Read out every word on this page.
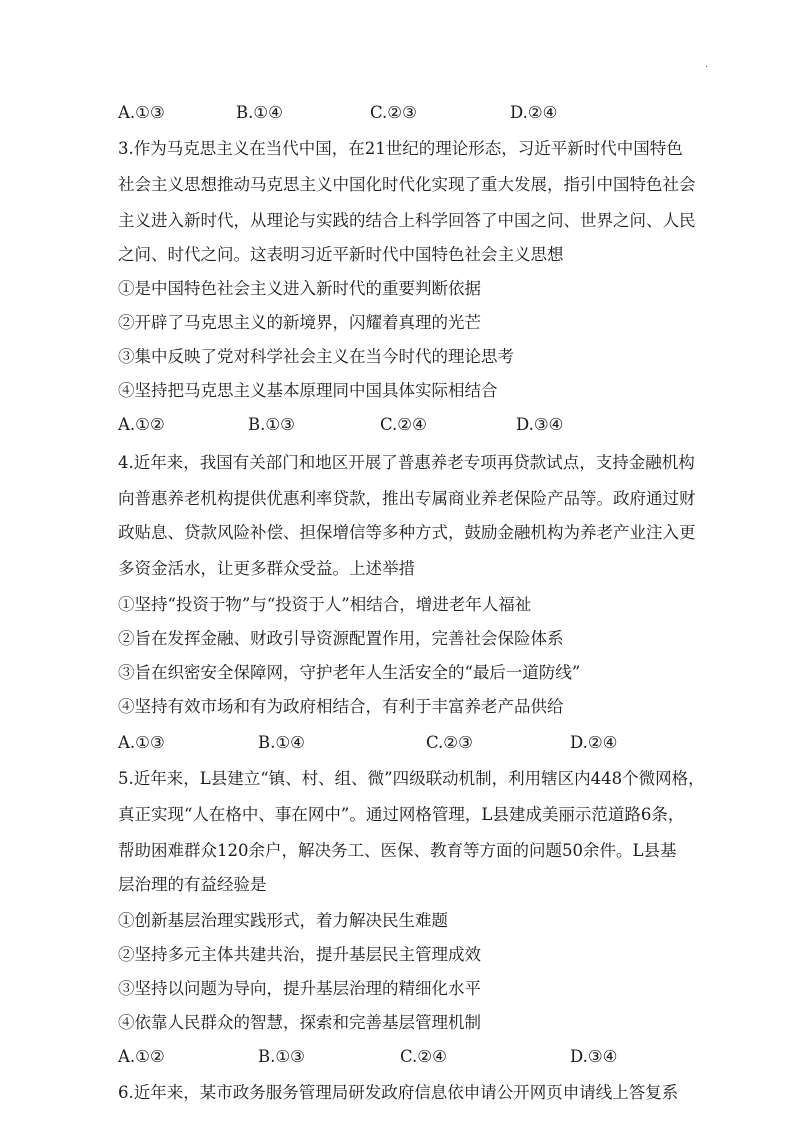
·
A.①③	B.①④	C.②③	D.②④
3.作为马克思主义在当代中国，在21世纪的理论形态，习近平新时代中国特色
社会主义思想推动马克思主义中国化时代化实现了重大发展，指引中国特色社会
主义进入新时代，从理论与实践的结合上科学回答了中国之问、世界之问、人民
之问、时代之问。这表明习近平新时代中国特色社会主义思想
①是中国特色社会主义进入新时代的重要判断依据
②开辟了马克思主义的新境界，闪耀着真理的光芒
③集中反映了党对科学社会主义在当今时代的理论思考
④坚持把马克思主义基本原理同中国具体实际相结合
A.①②	B.①③	C.②④	D.③④
4.近年来，我国有关部门和地区开展了普惠养老专项再贷款试点，支持金融机构
向普惠养老机构提供优惠利率贷款，推出专属商业养老保险产品等。政府通过财
政贴息、贷款风险补偿、担保增信等多种方式，鼓励金融机构为养老产业注入更
多资金活水，让更多群众受益。上述举措
①坚持“投资于物”与“投资于人”相结合，增进老年人福祉
②旨在发挥金融、财政引导资源配置作用，完善社会保险体系
③旨在织密安全保障网，守护老年人生活安全的“最后一道防线”
④坚持有效市场和有为政府相结合，有利于丰富养老产品供给
A.①③	B.①④	C.②③	D.②④
5.近年来，L县建立“镇、村、组、微”四级联动机制，利用辖区内448个微网格，
真正实现“人在格中、事在网中”。通过网格管理，L县建成美丽示范道路6条，
帮助困难群众120余户，解决务工、医保、教育等方面的问题50余件。L县基
层治理的有益经验是
①创新基层治理实践形式，着力解决民生难题
②坚持多元主体共建共治，提升基层民主管理成效
③坚持以问题为导向，提升基层治理的精细化水平
④依靠人民群众的智慧，探索和完善基层管理机制
A.①②	B.①③	C.②④	D.③④
6.近年来，某市政务服务管理局研发政府信息依申请公开网页申请线上答复系
